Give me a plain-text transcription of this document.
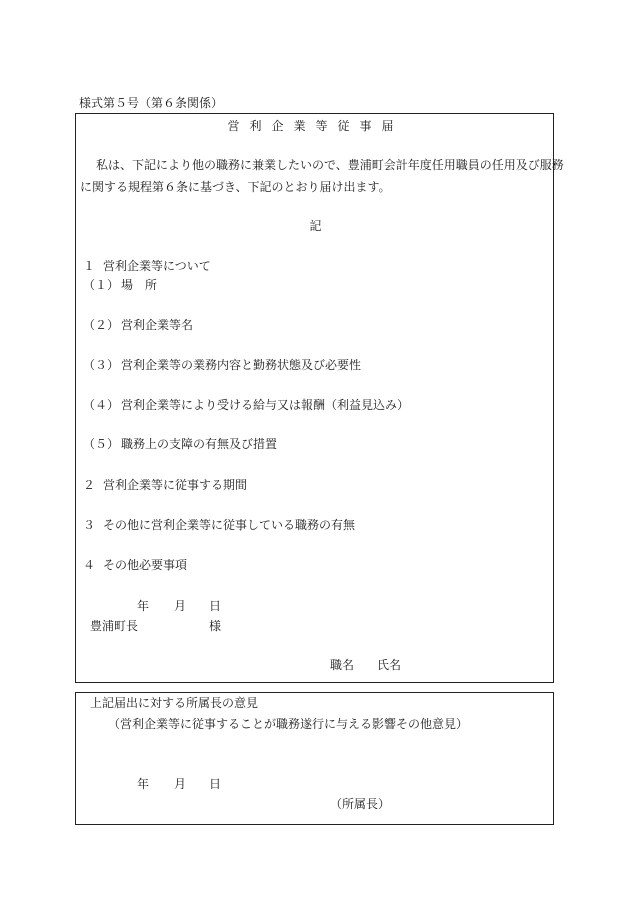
様式第５号（第６条関係）
営利企業等従事届
私は、下記により他の職務に兼業したいので、豊浦町会計年度任用職員の任用及び服務
に関する規程第６条に基づき、下記のとおり届け出ます。
記
１ 営利企業等について
（１） 場　所
（２） 営利企業等名
（３） 営利企業等の業務内容と勤務状態及び必要性
（４） 営利企業等により受ける給与又は報酬（利益見込み）
（５） 職務上の支障の有無及び措置
２ 営利企業等に従事する期間
３ その他に営利企業等に従事している職務の有無
４ その他必要事項
年 月 日
豊浦町長	様
職名 氏名
上記届出に対する所属長の意見
（営利企業等に従事することが職務遂行に与える影響その他意見）
年 月 日
（所属長）
